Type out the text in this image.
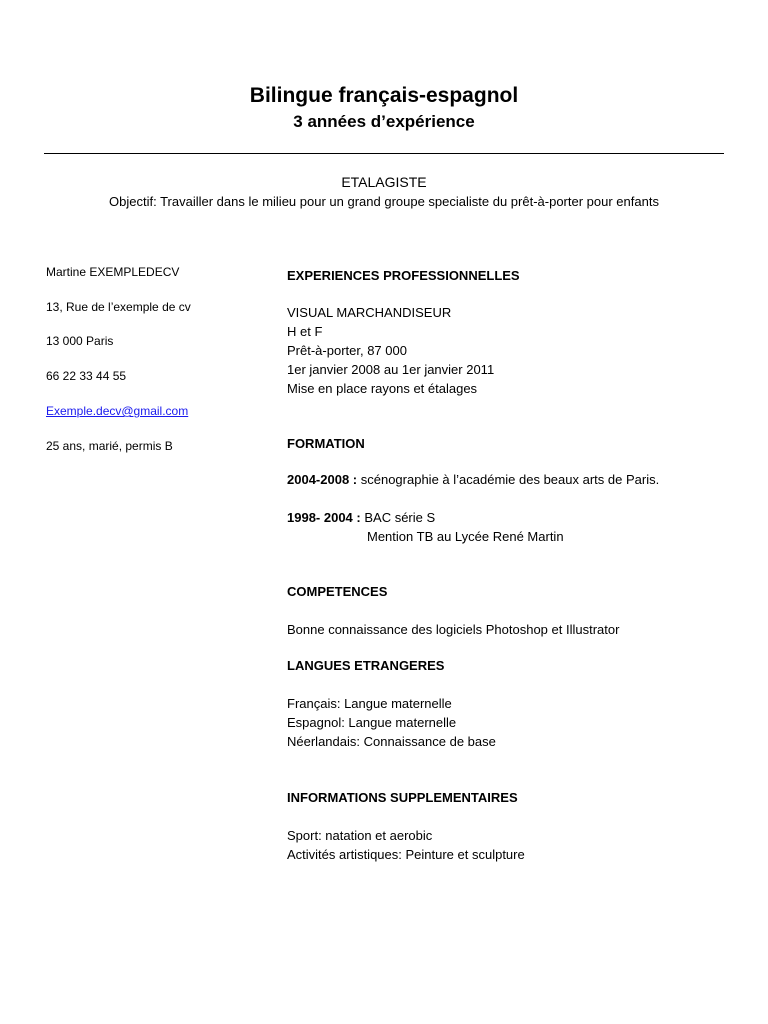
Bilingue français-espagnol
3 années d’expérience
ETALAGISTE
Objectif: Travailler dans le milieu pour un grand groupe specialiste du prêt-à-porter pour enfants
Martine EXEMPLEDECV
13, Rue de l’exemple de cv
13 000 Paris
66 22 33 44 55
Exemple.decv@gmail.com
25 ans, marié, permis B
EXPERIENCES PROFESSIONNELLES
VISUAL MARCHANDISEUR
H et F
Prêt-à-porter, 87 000
1er janvier 2008 au 1er janvier 2011
Mise en place rayons et étalages
FORMATION
2004-2008 : scénographie à l’académie des beaux arts de Paris.
1998- 2004 : BAC série S
Mention TB au Lycée René Martin
COMPETENCES
Bonne connaissance des logiciels Photoshop et Illustrator
LANGUES ETRANGERES
Français: Langue maternelle
Espagnol: Langue maternelle
Néerlandais: Connaissance de base
INFORMATIONS SUPPLEMENTAIRES
Sport: natation et aerobic
Activités artistiques: Peinture et sculpture
